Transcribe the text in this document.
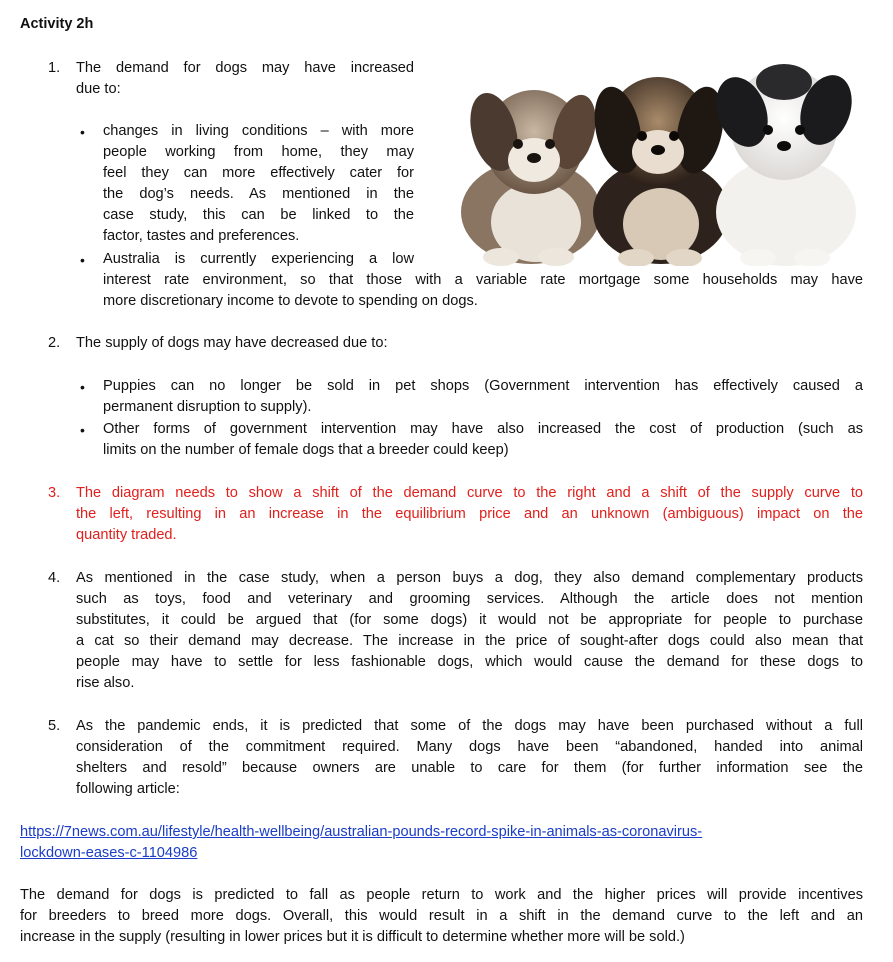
Activity 2h
1.	The demand for dogs may have increased
due to:
• changes in living conditions – with more
people working from home, they may
feel they can more effectively cater for
the dog’s needs. As mentioned in the
case study, this can be linked to the
factor, tastes and preferences.
• Australia is currently experiencing a low
interest rate environment, so that those with a variable rate mortgage some households may have
more discretionary income to devote to spending on dogs.
2.	The supply of dogs may have decreased due to:
• Puppies can no longer be sold in pet shops (Government intervention has effectively caused a
permanent disruption to supply).
• Other forms of government intervention may have also increased the cost of production (such as
limits on the number of female dogs that a breeder could keep)
3.	The diagram needs to show a shift of the demand curve to the right and a shift of the supply curve to
the left, resulting in an increase in the equilibrium price and an unknown (ambiguous) impact on the
quantity traded.
4.	As mentioned in the case study, when a person buys a dog, they also demand complementary products
such as toys, food and veterinary and grooming services. Although the article does not mention
substitutes, it could be argued that (for some dogs) it would not be appropriate for people to purchase
a cat so their demand may decrease. The increase in the price of sought-after dogs could also mean that
people may have to settle for less fashionable dogs, which would cause the demand for these dogs to
rise also.
5.	As the pandemic ends, it is predicted that some of the dogs may have been purchased without a full
consideration of the commitment required. Many dogs have been “abandoned, handed into animal
shelters and resold” because owners are unable to care for them (for further information see the
following article:
https://7news.com.au/lifestyle/health-wellbeing/australian-pounds-record-spike-in-animals-as-coronavirus-
lockdown-eases-c-1104986
The demand for dogs is predicted to fall as people return to work and the higher prices will provide incentives
for breeders to breed more dogs. Overall, this would result in a shift in the demand curve to the left and an
increase in the supply (resulting in lower prices but it is difficult to determine whether more will be sold.)
